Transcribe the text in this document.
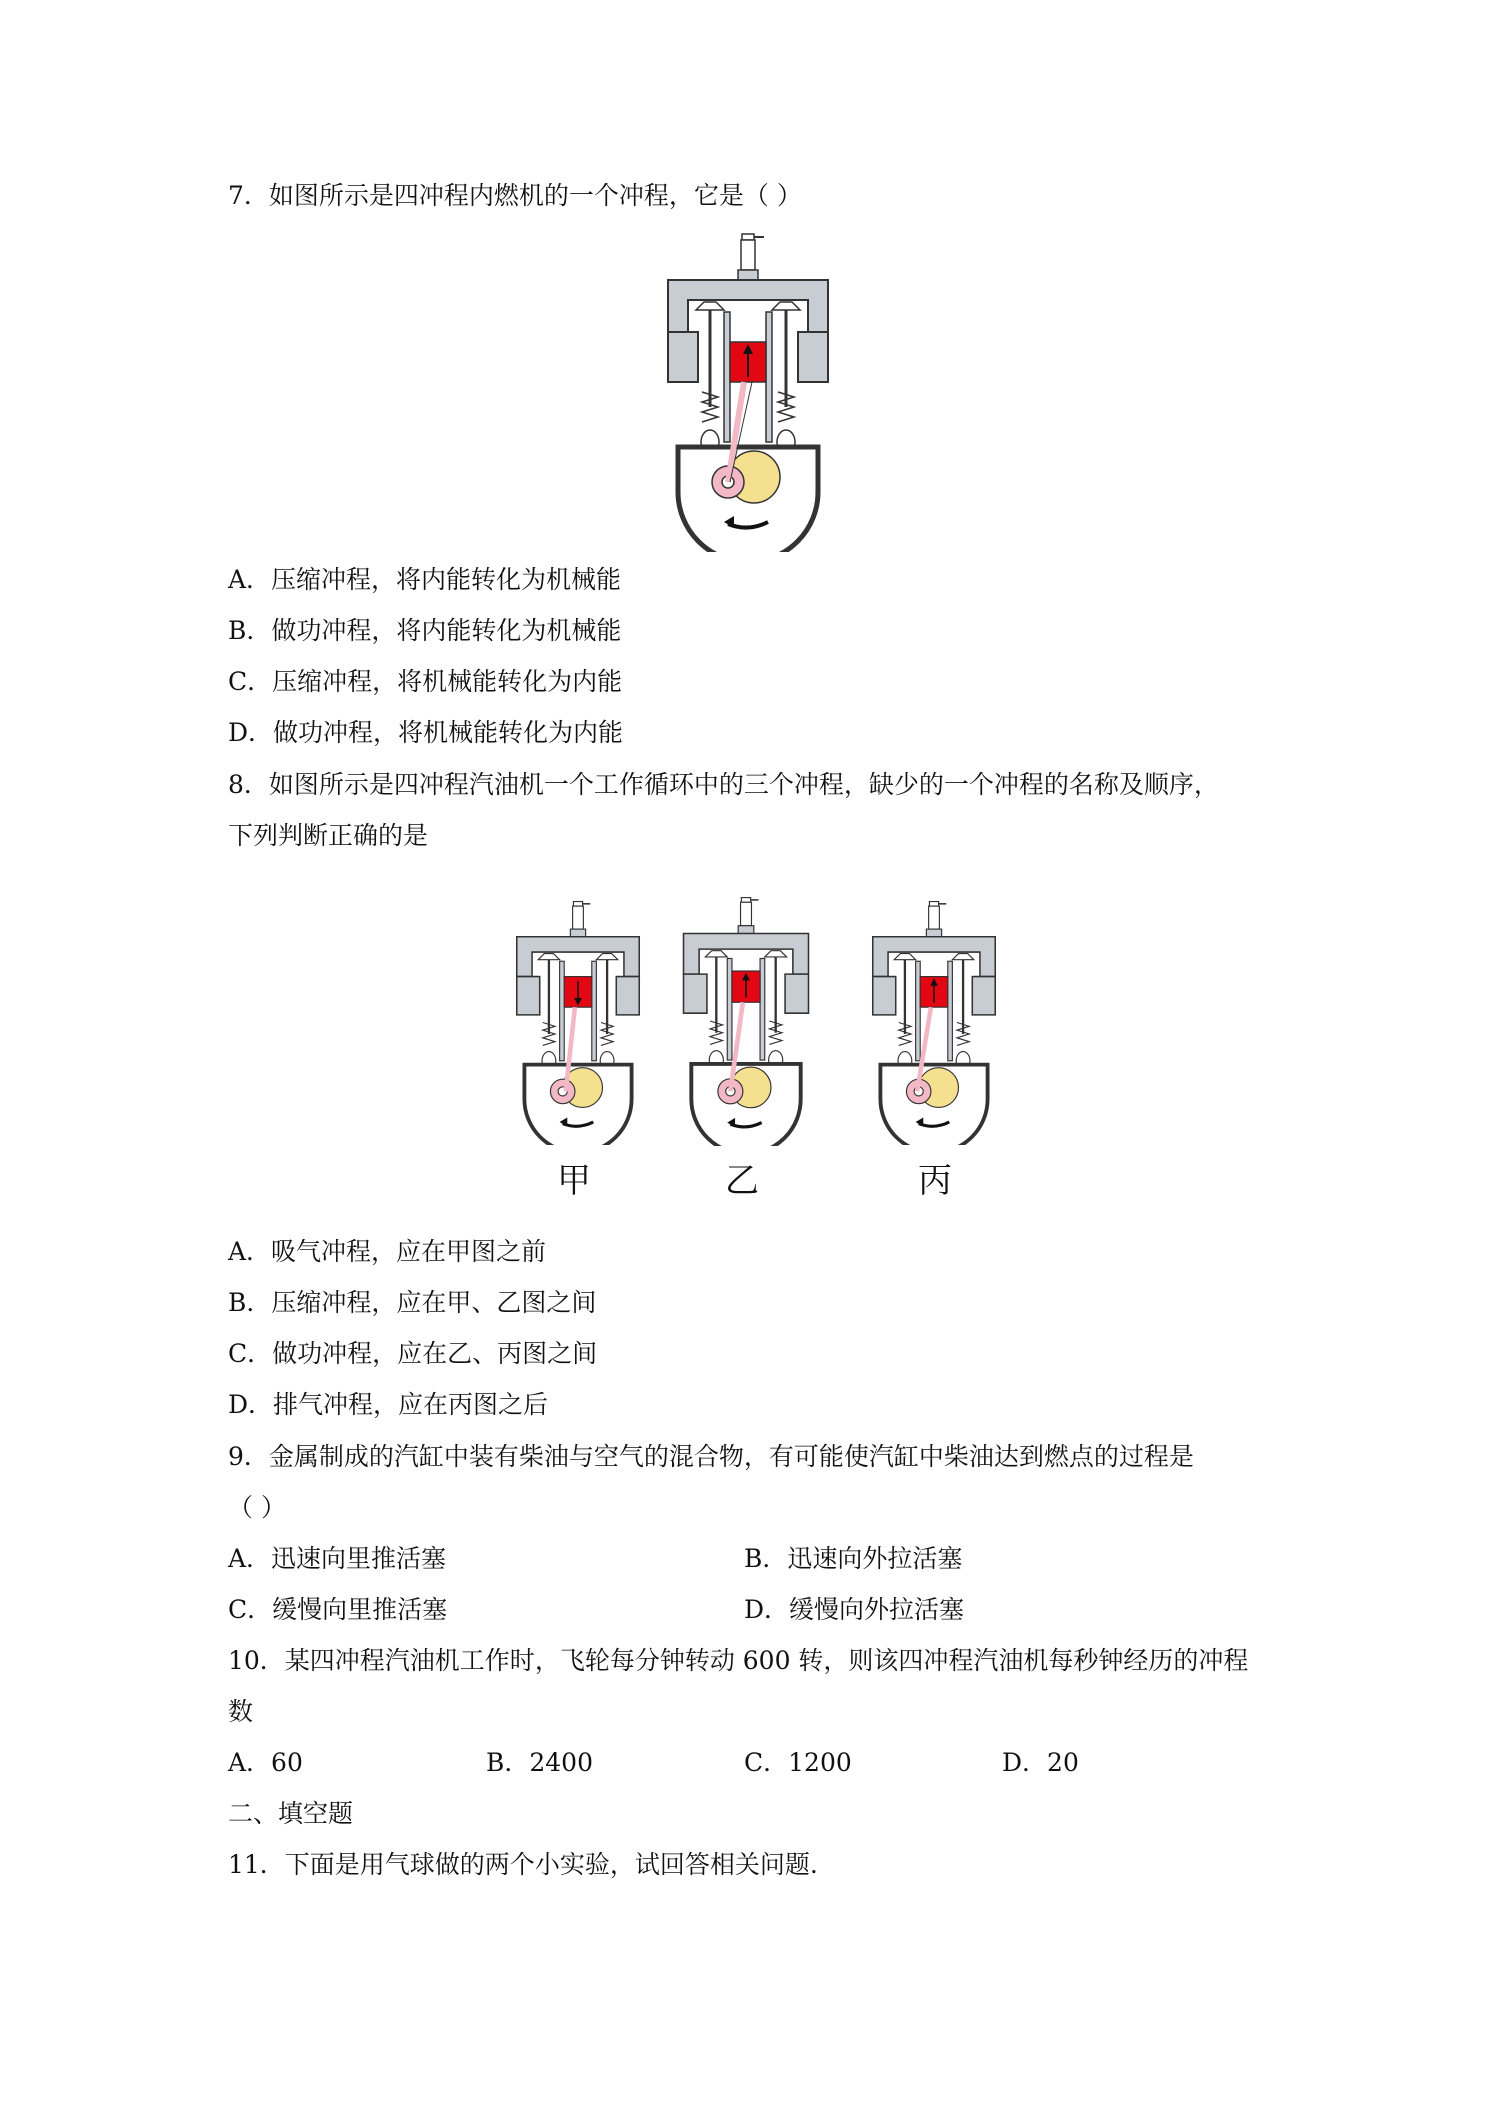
7．如图所示是四冲程内燃机的一个冲程，它是（ ）
A．压缩冲程，将内能转化为机械能
B．做功冲程，将内能转化为机械能
C．压缩冲程，将机械能转化为内能
D．做功冲程，将机械能转化为内能
8．如图所示是四冲程汽油机一个工作循环中的三个冲程，缺少的一个冲程的名称及顺序，
下列判断正确的是
甲	乙	丙
A．吸气冲程，应在甲图之前
B．压缩冲程，应在甲、乙图之间
C．做功冲程，应在乙、丙图之间
D．排气冲程，应在丙图之后
9．金属制成的汽缸中装有柴油与空气的混合物，有可能使汽缸中柴油达到燃点的过程是
（ ）
A．迅速向里推活塞	B．迅速向外拉活塞
C．缓慢向里推活塞	D．缓慢向外拉活塞
10．某四冲程汽油机工作时，飞轮每分钟转动 600 转，则该四冲程汽油机每秒钟经历的冲程
数
A．60	B．2400	C．1200	D．20
二、填空题
11．下面是用气球做的两个小实验，试回答相关问题.
